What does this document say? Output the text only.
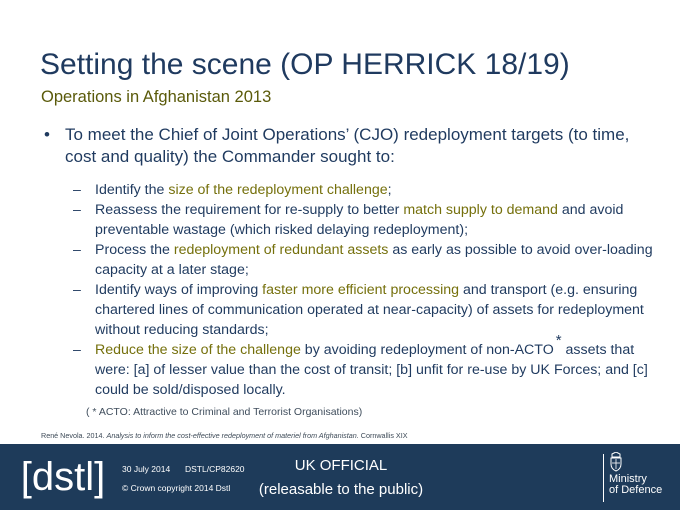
Setting the scene (OP HERRICK 18/19)
Operations in Afghanistan 2013
• To meet the Chief of Joint Operations’ (CJO) redeployment targets (to time, cost and quality) the Commander sought to:
– Identify the size of the redeployment challenge;
– Reassess the requirement for re-supply to better match supply to demand and avoid preventable wastage (which risked delaying redeployment);
– Process the redeployment of redundant assets as early as possible to avoid over-loading capacity at a later stage;
– Identify ways of improving faster more efficient processing and transport (e.g. ensuring chartered lines of communication operated at near-capacity) of assets for redeployment without reducing standards;
– Reduce the size of the challenge by avoiding redeployment of non-ACTO* assets that were: [a] of lesser value than the cost of transit; [b] unfit for re-use by UK Forces; and [c] could be sold/disposed locally.
( * ACTO: Attractive to Criminal and Terrorist Organisations)
René Nevola. 2014. Analysis to inform the cost-effective redeployment of materiel from Afghanistan. Cornwallis XIX
[dstl] 30 July 2014 DSTL/CP82620
© Crown copyright 2014 Dstl
UK OFFICIAL
(releasable to the public)
Ministry
of Defence
